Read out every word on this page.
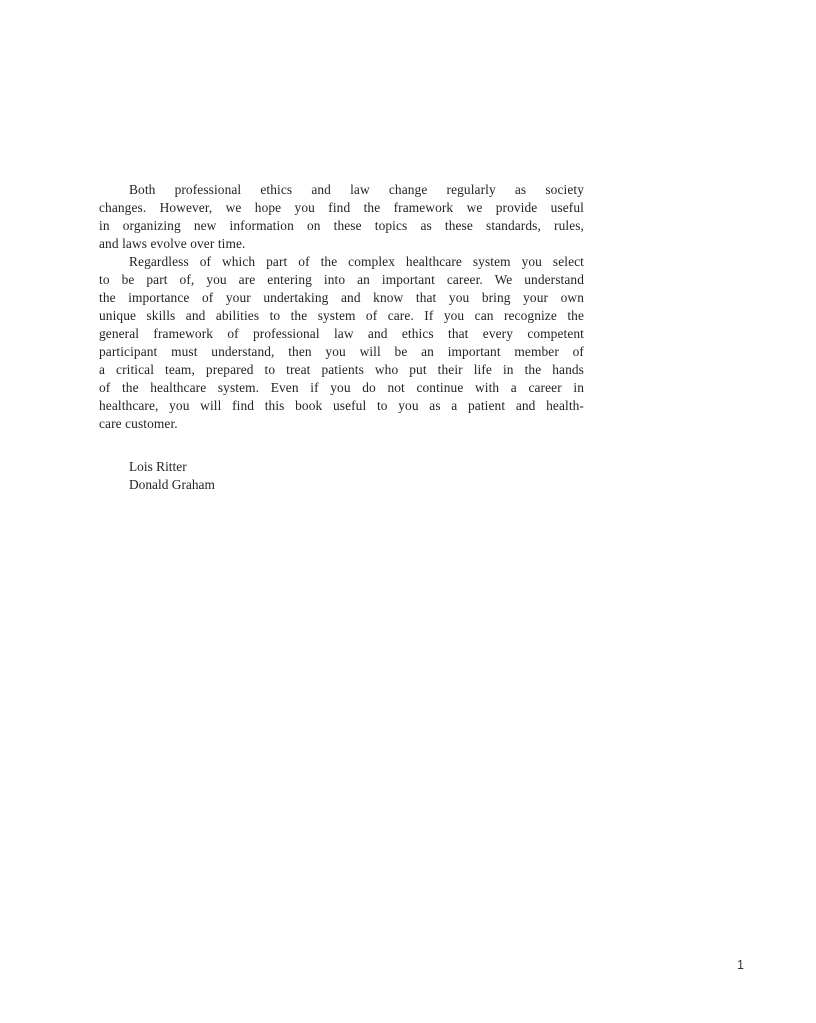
Both professional ethics and law change regularly as society
changes. However, we hope you find the framework we provide useful
in organizing new information on these topics as these standards, rules,
and laws evolve over time.
Regardless of which part of the complex healthcare system you select
to be part of, you are entering into an important career. We understand
the importance of your undertaking and know that you bring your own
unique skills and abilities to the system of care. If you can recognize the
general framework of professional law and ethics that every competent
participant must understand, then you will be an important member of
a critical team, prepared to treat patients who put their life in the hands
of the healthcare system. Even if you do not continue with a career in
healthcare, you will find this book useful to you as a patient and health-
care customer.
Lois Ritter
Donald Graham
1
